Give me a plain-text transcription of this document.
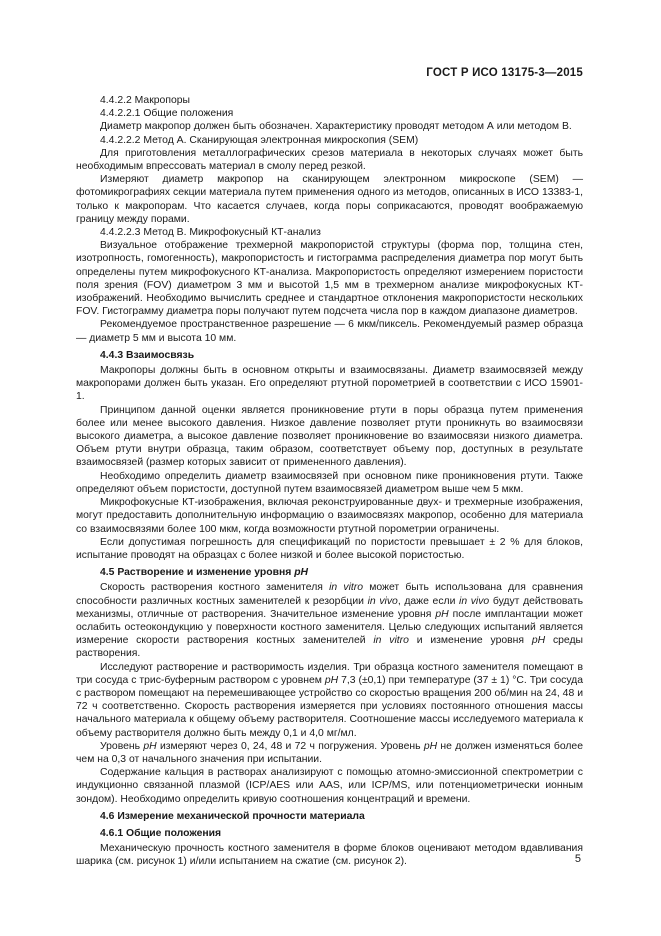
ГОСТ Р ИСО 13175-3—2015

4.4.2.2 Макропоры

4.4.2.2.1 Общие положения

Диаметр макропор должен быть обозначен. Характеристику проводят методом А или методом В.

4.4.2.2.2 Метод А. Сканирующая электронная микроскопия (SEM)

Для приготовления металлографических срезов материала в некоторых случаях может быть необходимым впрессовать материал в смолу перед резкой.

Измеряют диаметр макропор на сканирующем электронном микроскопе (SEM) — фотомикрографиях секции материала путем применения одного из методов, описанных в ИСО 13383-1, только к макропорам. Что касается случаев, когда поры соприкасаются, проводят воображаемую границу между порами.

4.4.2.2.3 Метод В. Микрофокусный КТ-анализ

Визуальное отображение трехмерной макропористой структуры (форма пор, толщина стен, изотропность, гомогенность), макропористость и гистограмма распределения диаметра пор могут быть определены путем микрофокусного КТ-анализа. Макропористость определяют измерением пористости поля зрения (FOV) диаметром 3 мм и высотой 1,5 мм в трехмерном анализе микрофокусных КТ-изображений. Необходимо вычислить среднее и стандартное отклонения макропористости нескольких FOV. Гистограмму диаметра поры получают путем подсчета числа пор в каждом диапазоне диаметров.

Рекомендуемое пространственное разрешение — 6 мкм/пиксель. Рекомендуемый размер образца — диаметр 5 мм и высота 10 мм.

4.4.3 Взаимосвязь

Макропоры должны быть в основном открыты и взаимосвязаны. Диаметр взаимосвязей между макропорами должен быть указан. Его определяют ртутной порометрией в соответствии с ИСО 15901-1.

Принципом данной оценки является проникновение ртути в поры образца путем применения более или менее высокого давления. Низкое давление позволяет ртути проникнуть во взаимосвязи высокого диаметра, а высокое давление позволяет проникновение во взаимосвязи низкого диаметра. Объем ртути внутри образца, таким образом, соответствует объему пор, доступных в результате взаимосвязей (размер которых зависит от примененного давления).

Необходимо определить диаметр взаимосвязей при основном пике проникновения ртути. Также определяют объем пористости, доступной путем взаимосвязей диаметром выше чем 5 мкм.

Микрофокусные КТ-изображения, включая реконструированные двух- и трехмерные изображения, могут предоставить дополнительную информацию о взаимосвязях макропор, особенно для материала со взаимосвязями более 100 мкм, когда возможности ртутной порометрии ограничены.

Если допустимая погрешность для спецификаций по пористости превышает ± 2 % для блоков, испытание проводят на образцах с более низкой и более высокой пористостью.

4.5 Растворение и изменение уровня pH

Скорость растворения костного заменителя in vitro может быть использована для сравнения способности различных костных заменителей к резорбции in vivo, даже если in vivo будут действовать механизмы, отличные от растворения. Значительное изменение уровня pH после имплантации может ослабить остеокондукцию у поверхности костного заменителя. Целью следующих испытаний является измерение скорости растворения костных заменителей in vitro и изменение уровня pH среды растворения.

Исследуют растворение и растворимость изделия. Три образца костного заменителя помещают в три сосуда с трис-буферным раствором с уровнем pH 7,3 (±0,1) при температуре (37 ± 1) °С. Три сосуда с раствором помещают на перемешивающее устройство со скоростью вращения 200 об/мин на 24, 48 и 72 ч соответственно. Скорость растворения измеряется при условиях постоянного отношения массы начального материала к общему объему растворителя. Соотношение массы исследуемого материала к объему растворителя должно быть между 0,1 и 4,0 мг/мл.

Уровень pH измеряют через 0, 24, 48 и 72 ч погружения. Уровень pH не должен изменяться более чем на 0,3 от начального значения при испытании.

Содержание кальция в растворах анализируют с помощью атомно-эмиссионной спектрометрии с индукционно связанной плазмой (ICP/AES или AAS, или ICP/MS, или потенциометрически ионным зондом). Необходимо определить кривую соотношения концентраций и времени.

4.6 Измерение механической прочности материала

4.6.1 Общие положения

Механическую прочность костного заменителя в форме блоков оценивают методом вдавливания шарика (см. рисунок 1) и/или испытанием на сжатие (см. рисунок 2).	5
